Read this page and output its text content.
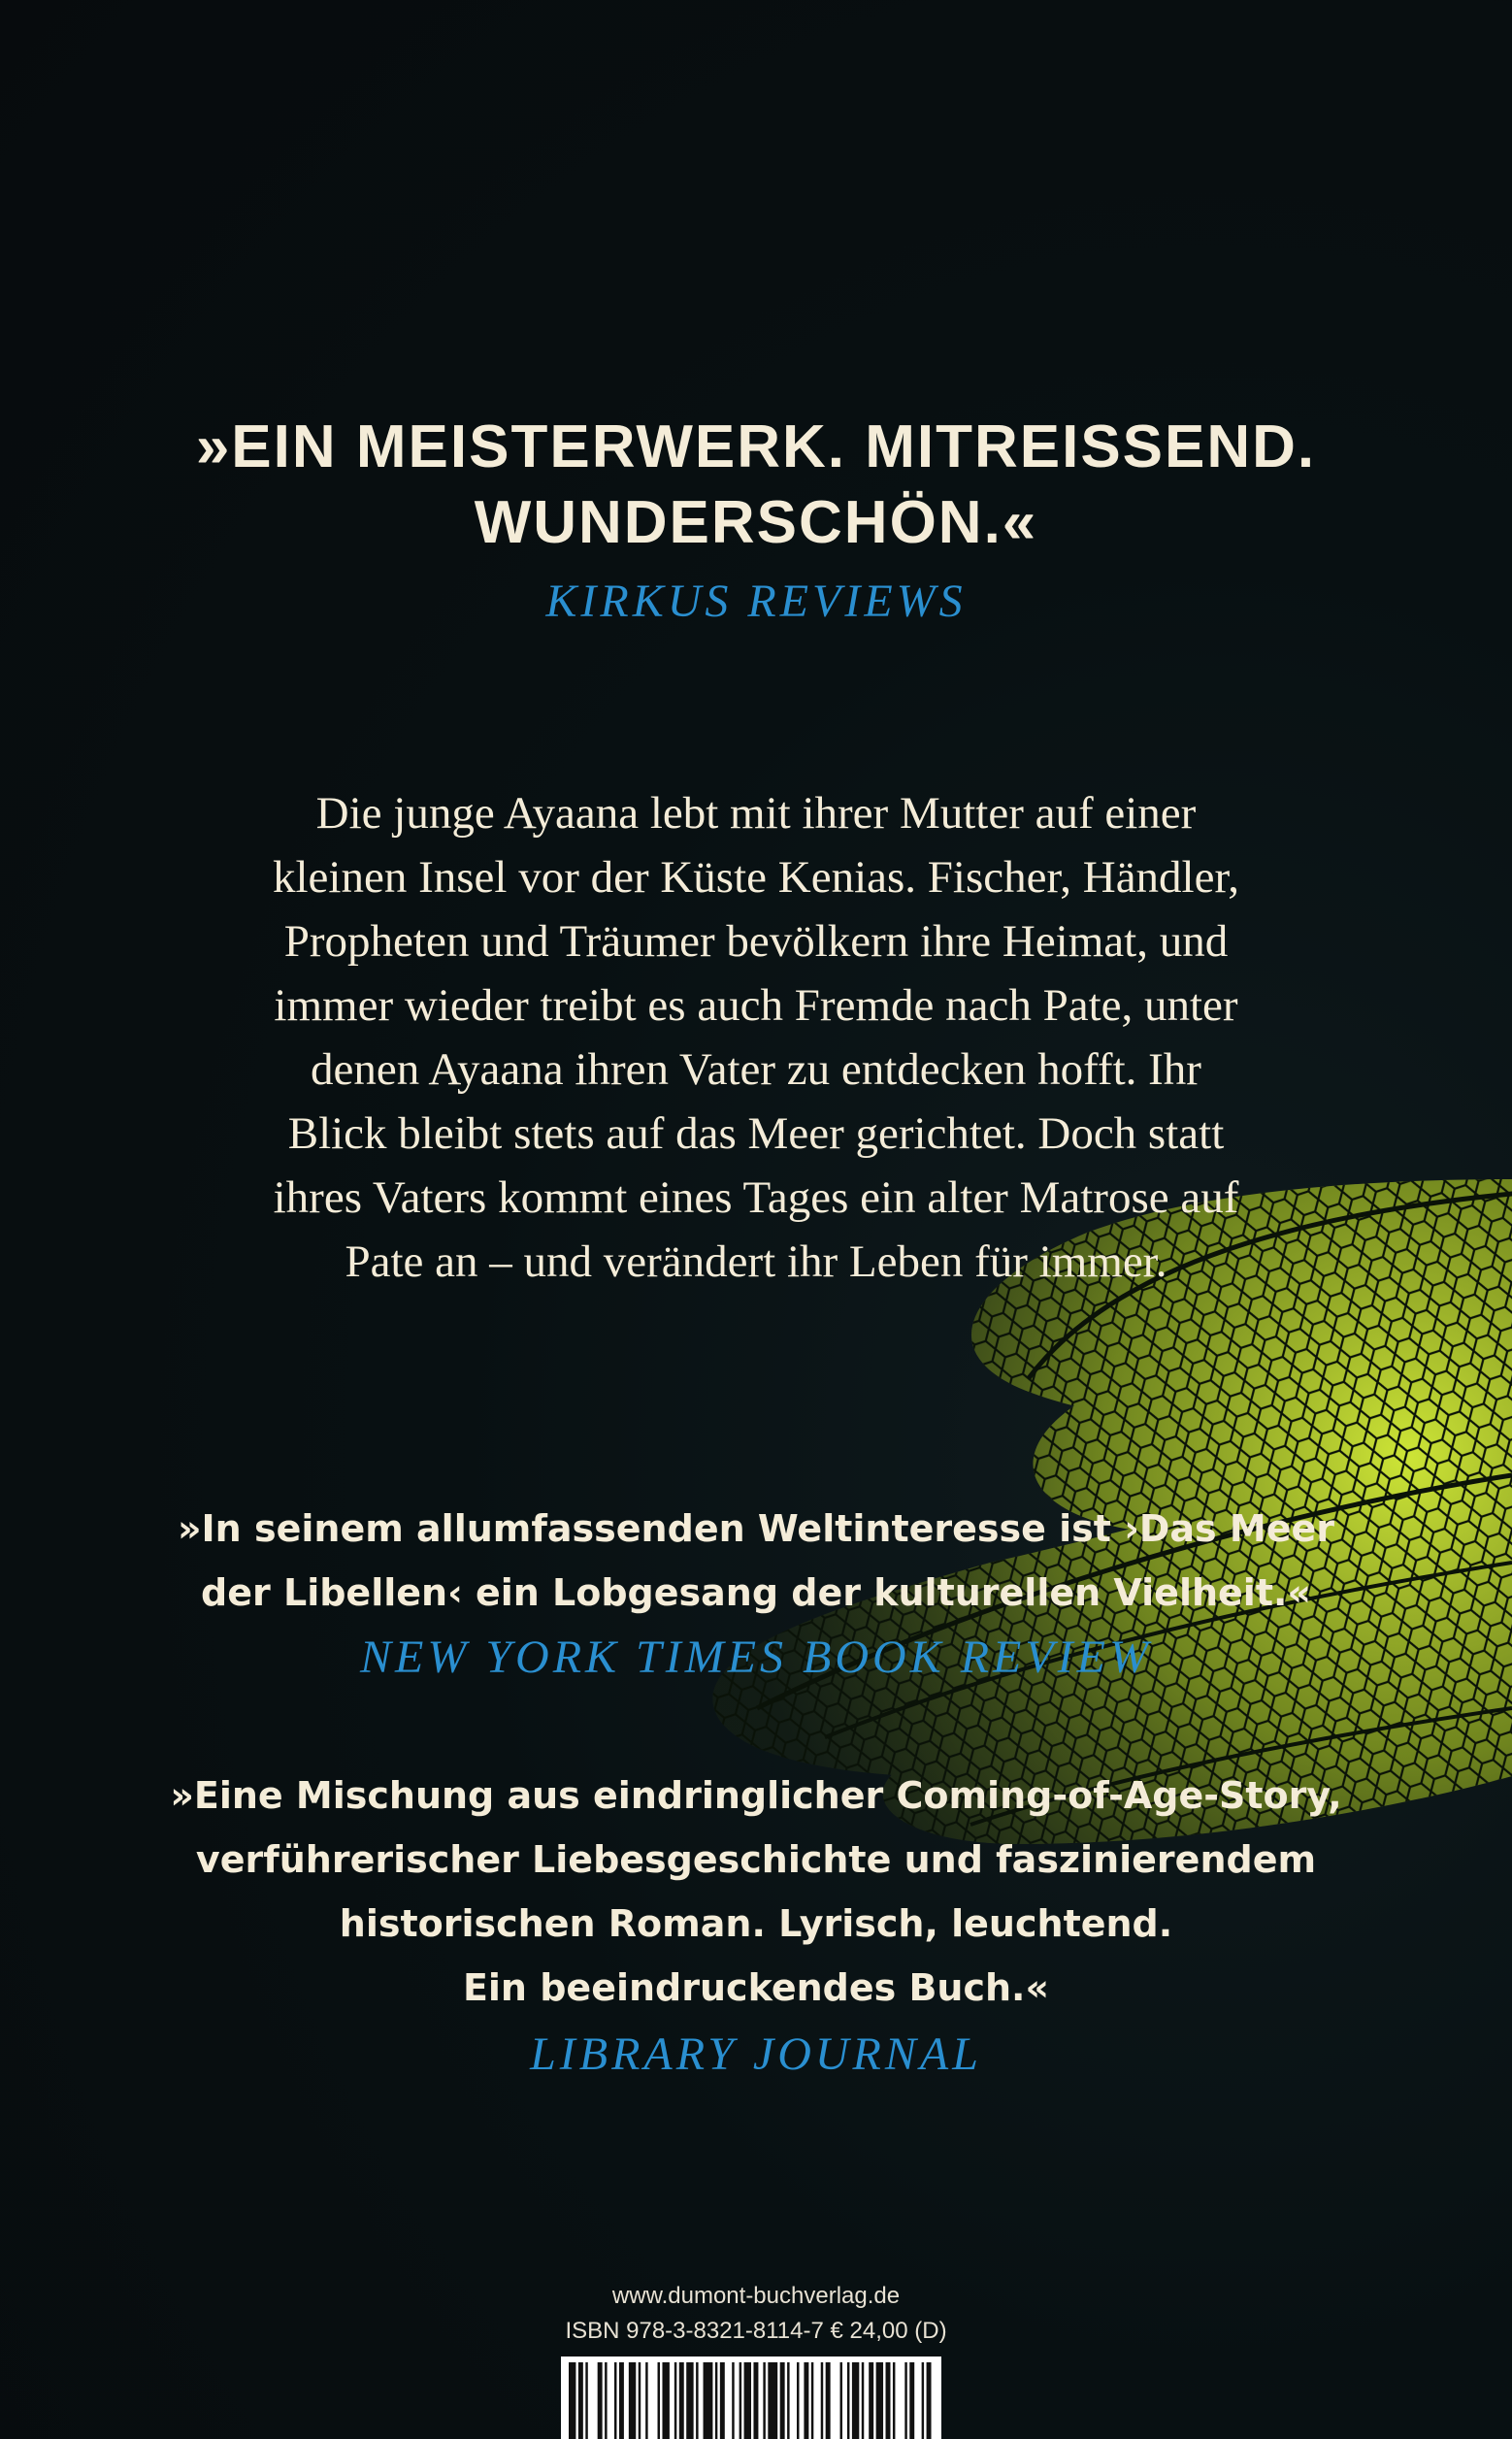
»EIN MEISTERWERK. MITREISSEND.

WUNDERSCHÖN.«

KIRKUS REVIEWS

Die junge Ayaana lebt mit ihrer Mutter auf einer

kleinen Insel vor der Küste Kenias. Fischer, Händler,

Propheten und Träumer bevölkern ihre Heimat, und

immer wieder treibt es auch Fremde nach Pate, unter

denen Ayaana ihren Vater zu entdecken hofft. Ihr

Blick bleibt stets auf das Meer gerichtet. Doch statt

ihres Vaters kommt eines Tages ein alter Matrose auf

Pate an – und verändert ihr Leben für immer.

»In seinem allumfassenden Weltinteresse ist ›Das Meer

der Libellen‹ ein Lobgesang der kulturellen Vielheit.«

NEW YORK TIMES BOOK REVIEW

»Eine Mischung aus eindringlicher Coming-of-Age-Story,

verführerischer Liebesgeschichte und faszinierendem

historischen Roman. Lyrisch, leuchtend.

Ein beeindruckendes Buch.«

LIBRARY JOURNAL

www.dumont-buchverlag.de

ISBN 978-3-8321-8114-7 € 24,00 (D)
